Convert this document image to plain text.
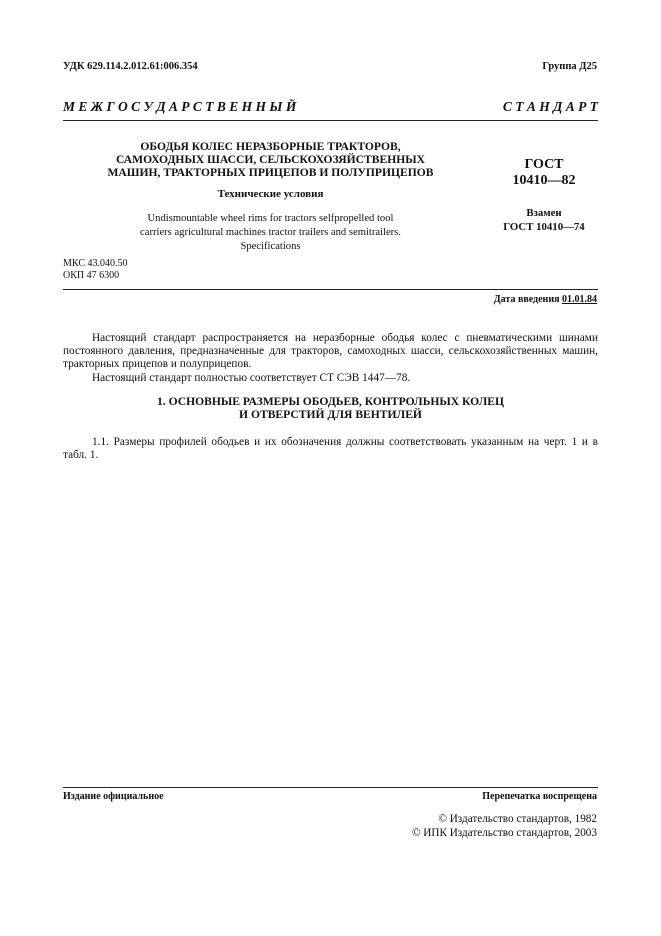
УДК 629.114.2.012.61:006.354	Группа Д25
М Е Ж Г О С У Д А Р С Т В Е Н Н Ы Й	С Т А Н Д А Р Т
ОБОДЬЯ КОЛЕС НЕРАЗБОРНЫЕ ТРАКТОРОВ,
САМОХОДНЫХ ШАССИ, СЕЛЬСКОХОЗЯЙСТВЕННЫХ
МАШИН, ТРАКТОРНЫХ ПРИЦЕПОВ И ПОЛУПРИЦЕПОВ
Технические условия
Undismountable wheel rims for tractors selfpropelled tool
carriers agricultural machines tractor trailers and semitrailers.
Specifications
ГОСТ
10410—82
Взамен
ГОСТ 10410—74
МКС 43.040.50
ОКП 47 6300
Дата введения 01.01.84
Настоящий стандарт распространяется на неразборные ободья колес с пневматическими шинами постоянного давления, предназначенные для тракторов, самоходных шасси, сельскохозяйственных машин, тракторных прицепов и полуприцепов.
Настоящий стандарт полностью соответствует СТ СЭВ 1447—78.
1. ОСНОВНЫЕ РАЗМЕРЫ ОБОДЬЕВ, КОНТРОЛЬНЫХ КОЛЕЦ
И ОТВЕРСТИЙ ДЛЯ ВЕНТИЛЕЙ
1.1. Размеры профилей ободьев и их обозначения должны соответствовать указанным на черт. 1 и в табл. 1.
Издание официальное	Перепечатка воспрещена
© Издательство стандартов, 1982
© ИПК Издательство стандартов, 2003
